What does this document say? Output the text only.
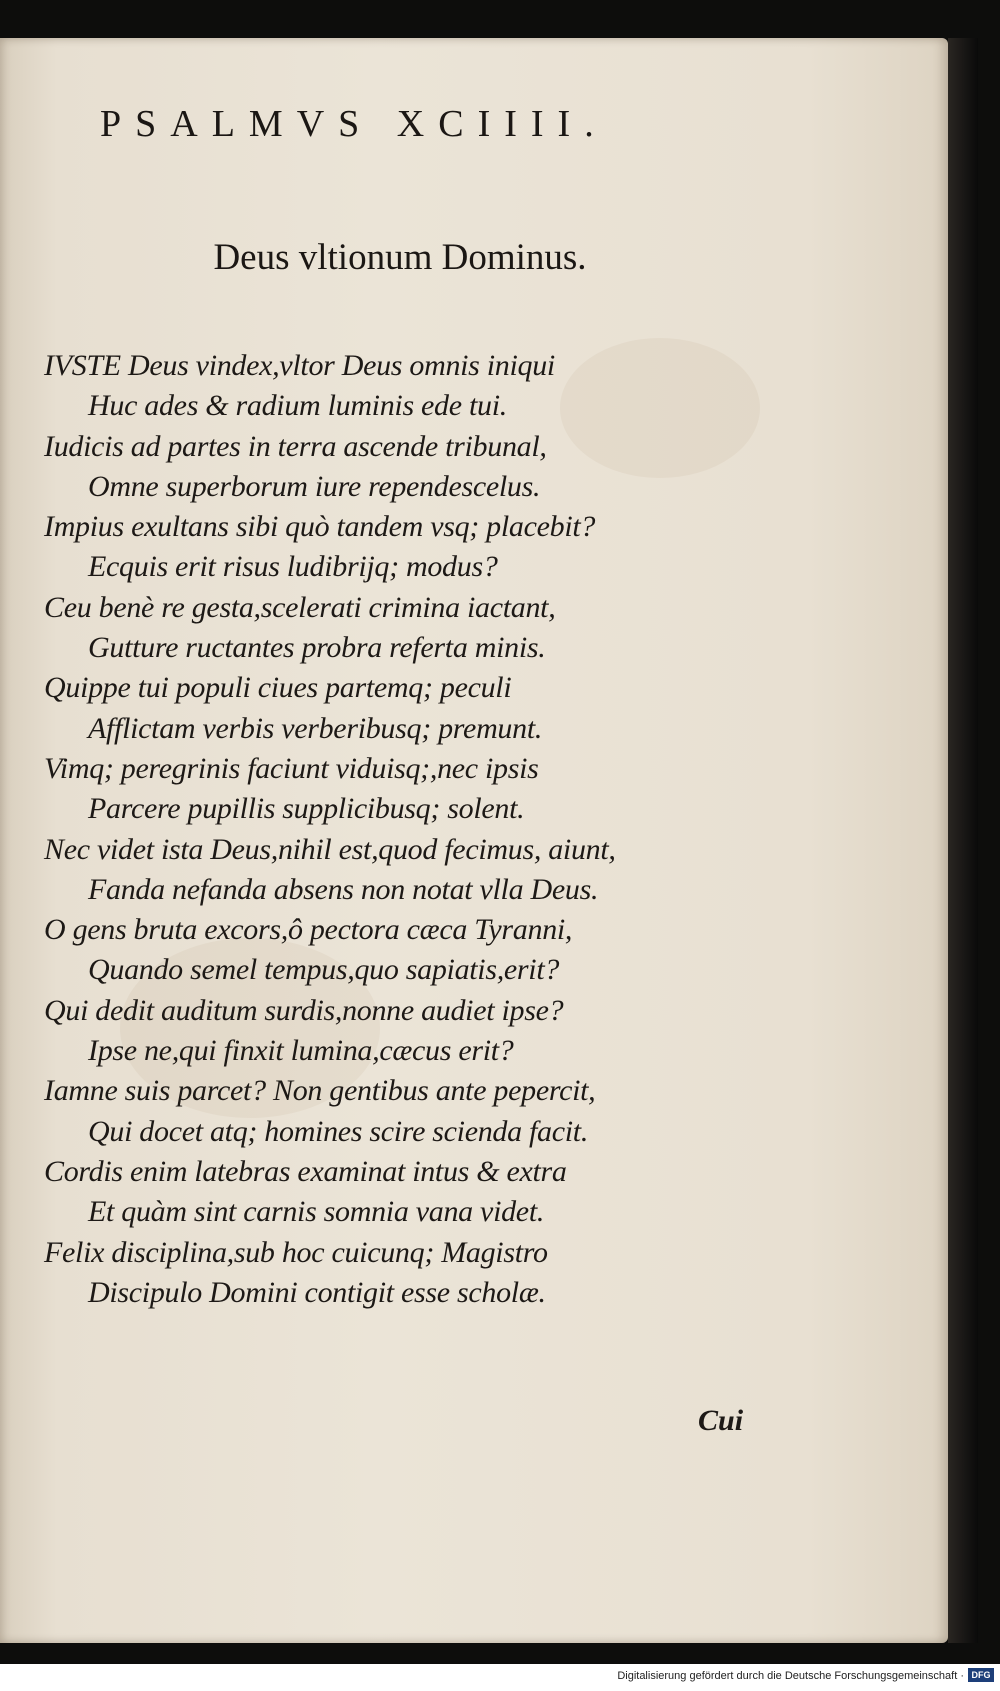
PSALMVS XCIIII.
Deus vltionum Dominus.
IVSTE Deus vindex,vltor Deus omnis iniqui
Huc ades & radium luminis ede tui.
Iudicis ad partes in terra ascende tribunal,
Omne superborum iure rependescelus.
Impius exultans sibi quò tandem vsq; placebit?
Ecquis erit risus ludibrijq; modus?
Ceu benè re gesta,scelerati crimina iactant,
Gutture ructantes probra referta minis.
Quippe tui populi ciues partemq; peculi
Afflictam verbis verberibusq; premunt.
Vimq; peregrinis faciunt viduisq;,nec ipsis
Parcere pupillis supplicibusq; solent.
Nec videt ista Deus,nihil est,quod fecimus, aiunt,
Fanda nefanda absens non notat vlla Deus.
O gens bruta excors,ô pectora cæca Tyranni,
Quando semel tempus,quo sapiatis,erit?
Qui dedit auditum surdis,nonne audiet ipse?
Ipse ne,qui finxit lumina,cæcus erit?
Iamne suis parcet? Non gentibus ante pepercit,
Qui docet atq; homines scire scienda facit.
Cordis enim latebras examinat intus & extra
Et quàm sint carnis somnia vana videt.
Felix disciplina,sub hoc cuicunq; Magistro
Discipulo Domini contigit esse scholæ.
Cui
Digitalisierung gefördert durch die Deutsche Forschungsgemeinschaft · DFG
